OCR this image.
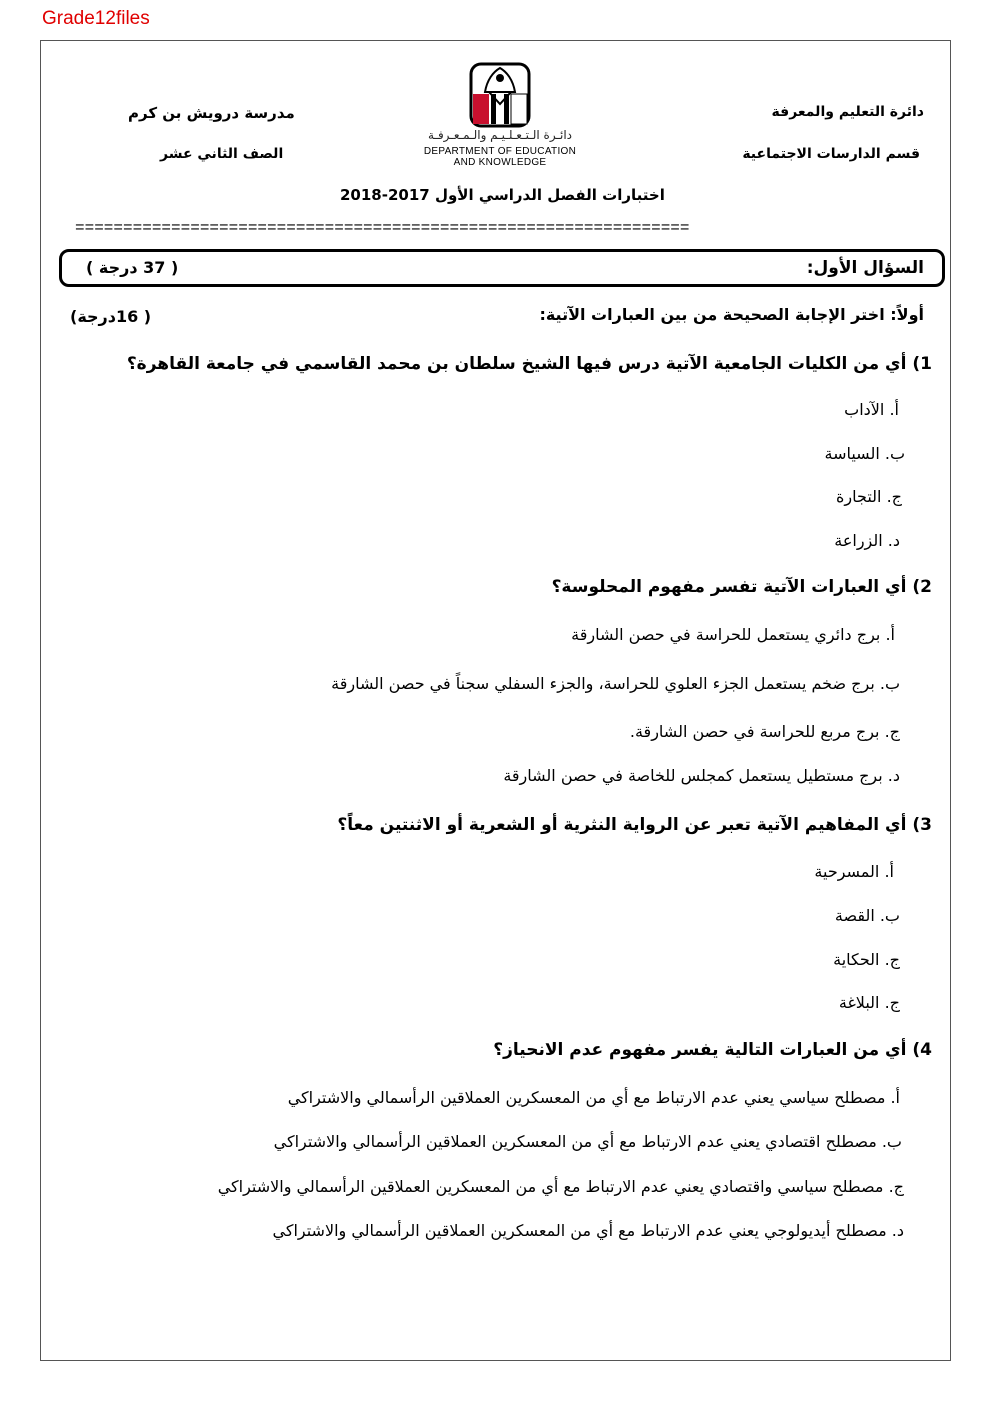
Grade12files
دائرة التعليم والمعرفة
قسم الدارسات الاجتماعية
مدرسة درويش بن كرم
الصف الثاني عشر
دائـرة الـتـعـلـيـم والـمـعـرفـة
DEPARTMENT OF EDUCATION
AND KNOWLEDGE
اختبارات الفصل الدراسي الأول 2017-2018
================================================================
السؤال الأول:
( 37 درجة )
أولاً: اختر الإجابة الصحيحة من بين العبارات الآتية:
( 16درجة)
1) أي من الكليات الجامعية الآتية درس فيها الشيخ سلطان بن محمد القاسمي في جامعة القاهرة؟
أ. الآداب
ب. السياسة
ج. التجارة
د. الزراعة
2) أي العبارات الآتية تفسر مفهوم المحلوسة؟
أ. برج دائري يستعمل للحراسة في حصن الشارقة
ب. برج ضخم يستعمل الجزء العلوي للحراسة، والجزء السفلي سجناً في حصن الشارقة
ج. برج مربع للحراسة في حصن الشارقة.
د. برج مستطيل يستعمل كمجلس للخاصة في حصن الشارقة
3) أي المفاهيم الآتية تعبر عن الرواية النثرية أو الشعرية أو الاثنتين معاً؟
أ. المسرحية
ب. القصة
ج. الحكاية
ج. البلاغة
4) أي من العبارات التالية يفسر مفهوم عدم الانحياز؟
أ. مصطلح سياسي يعني عدم الارتباط مع أي من المعسكرين العملاقين الرأسمالي والاشتراكي
ب. مصطلح اقتصادي يعني عدم الارتباط مع أي من المعسكرين العملاقين الرأسمالي والاشتراكي
ج. مصطلح سياسي واقتصادي يعني عدم الارتباط مع أي من المعسكرين العملاقين الرأسمالي والاشتراكي
د. مصطلح أيديولوجي يعني عدم الارتباط مع أي من المعسكرين العملاقين الرأسمالي والاشتراكي
